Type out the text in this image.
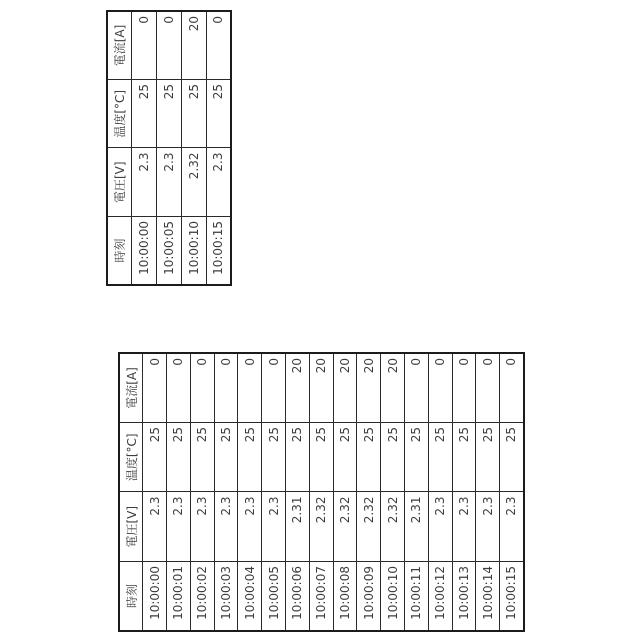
時刻	電圧[V]	温度[°C]	電流[A]
10:00:00	2.3	25	0
10:00:05	2.3	25	0
10:00:10	2.32	25	20
10:00:15	2.3	25	0
時刻	電圧[V]	温度[°C]	電流[A]
10:00:00	2.3	25	0
10:00:01	2.3	25	0
10:00:02	2.3	25	0
10:00:03	2.3	25	0
10:00:04	2.3	25	0
10:00:05	2.3	25	0
10:00:06	2.31	25	20
10:00:07	2.32	25	20
10:00:08	2.32	25	20
10:00:09	2.32	25	20
10:00:10	2.32	25	20
10:00:11	2.31	25	0
10:00:12	2.3	25	0
10:00:13	2.3	25	0
10:00:14	2.3	25	0
10:00:15	2.3	25	0
